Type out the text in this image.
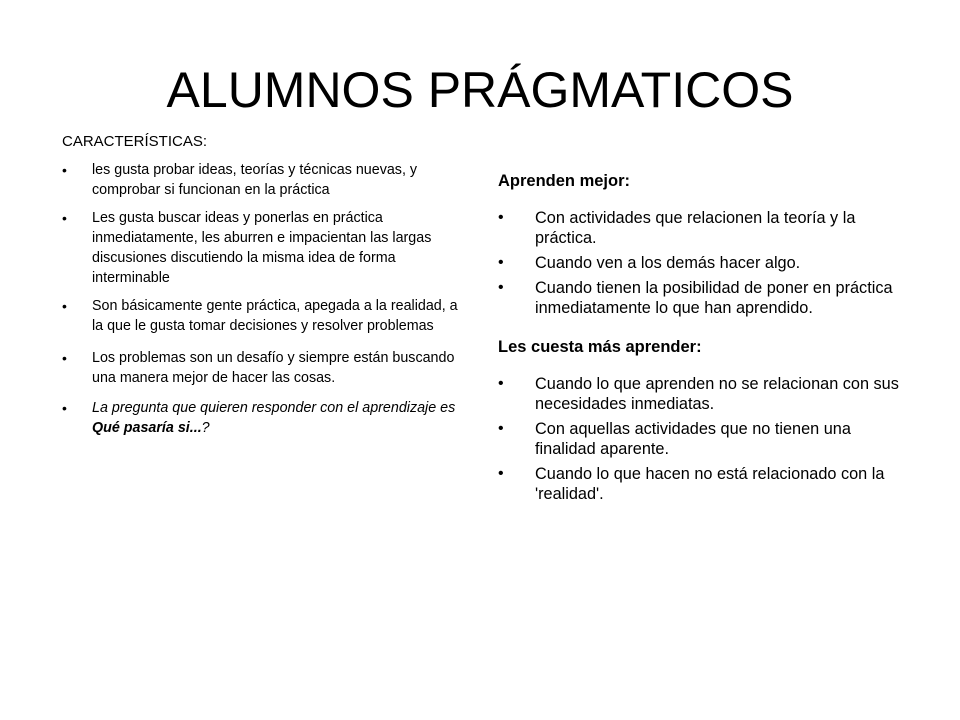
ALUMNOS PRÁGMATICOS
CARACTERÍSTICAS:
• les gusta probar ideas, teorías y técnicas nuevas, y comprobar si funcionan en la práctica
• Les gusta buscar ideas y ponerlas en práctica inmediatamente, les aburren e impacientan las largas discusiones discutiendo la misma idea de forma interminable
• Son básicamente gente práctica, apegada a la realidad, a la que le gusta tomar decisiones y resolver problemas
• Los problemas son un desafío y siempre están buscando una manera mejor de hacer las cosas.
• La pregunta que quieren responder con el aprendizaje es Qué pasaría si...?
Aprenden mejor:
• Con actividades que relacionen la teoría y la práctica.
• Cuando ven a los demás hacer algo.
• Cuando tienen la posibilidad de poner en práctica inmediatamente lo que han aprendido.
Les cuesta más aprender:
• Cuando lo que aprenden no se relacionan con sus necesidades inmediatas.
• Con aquellas actividades que no tienen una finalidad aparente.
• Cuando lo que hacen no está relacionado con la 'realidad'.
